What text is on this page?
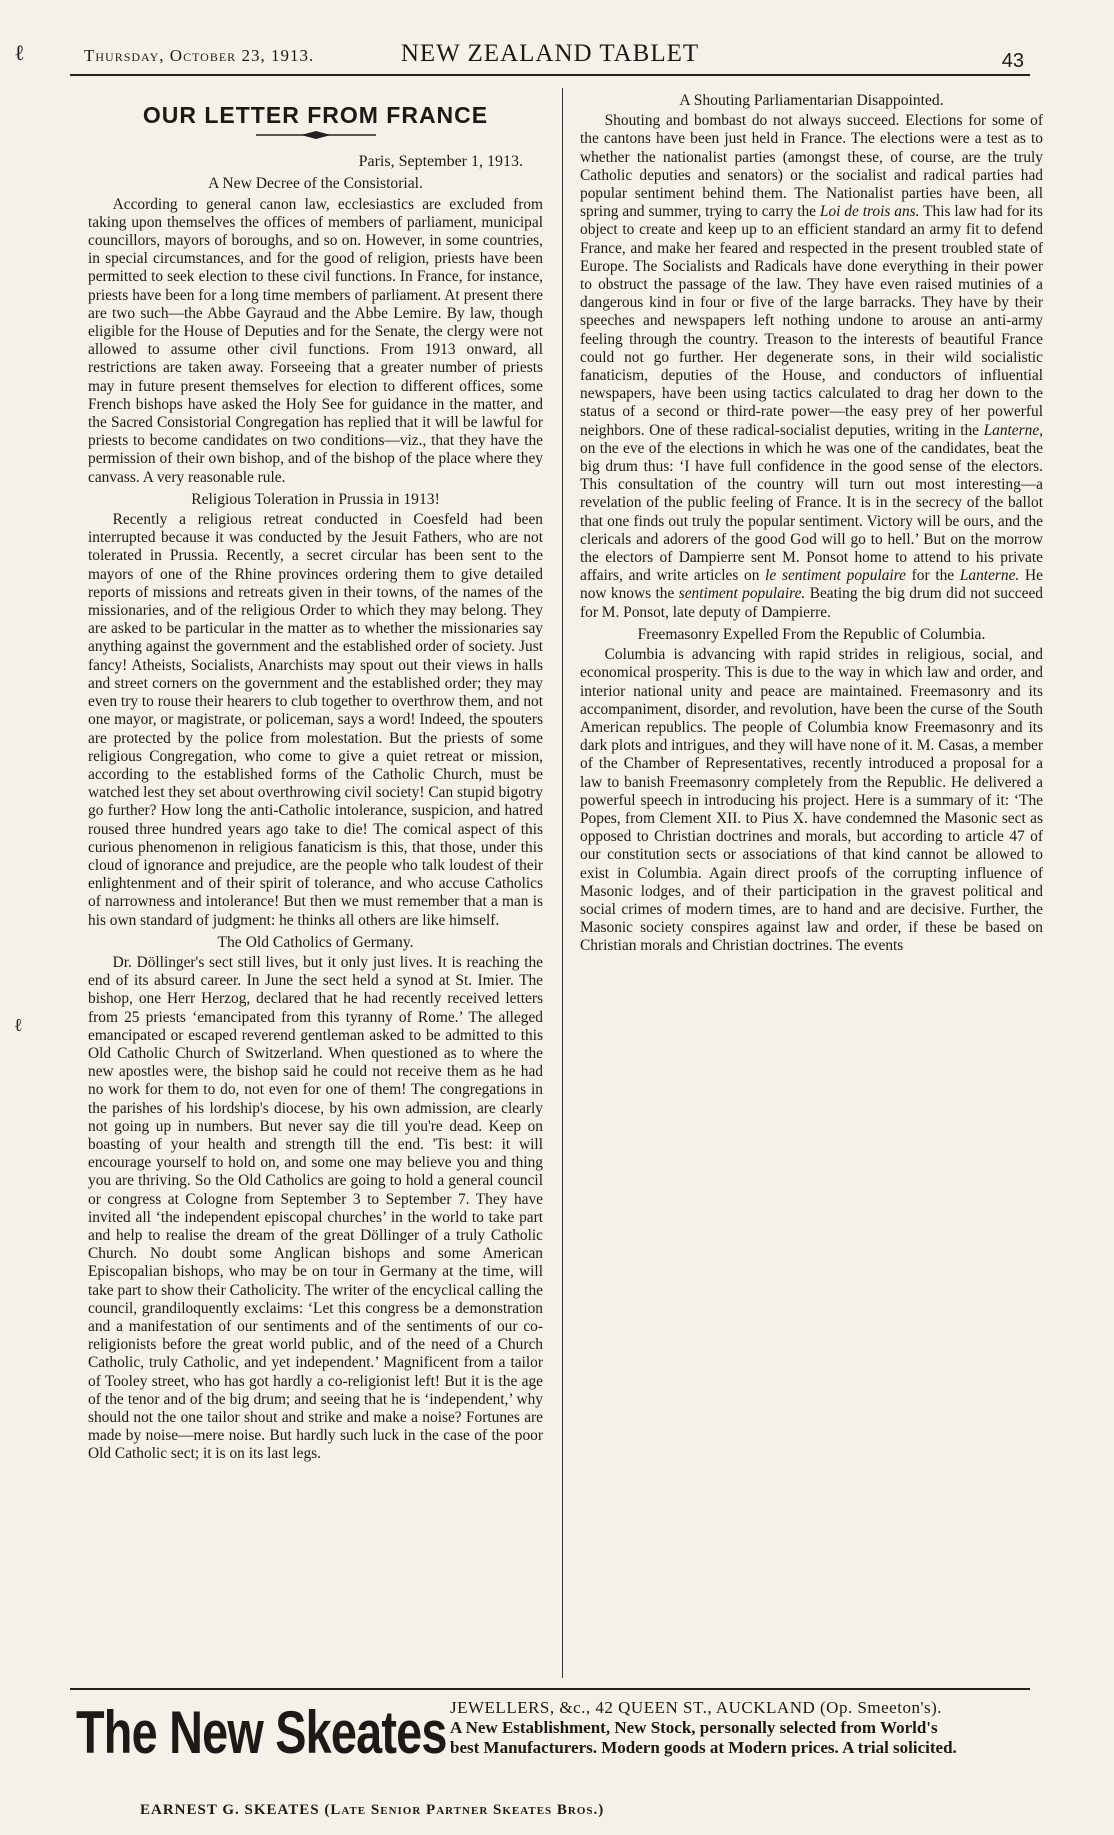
ℓ
ℓ
Thursday, October 23, 1913.	NEW ZEALAND TABLET	43
OUR LETTER FROM FRANCE
Paris, September 1, 1913.
A New Decree of the Consistorial.

According to general canon law, ecclesiastics are excluded from taking upon themselves the offices of members of parliament, municipal councillors, mayors of boroughs, and so on. However, in some countries, in special circumstances, and for the good of religion, priests have been permitted to seek election to these civil functions. In France, for instance, priests have been for a long time members of parliament. At present there are two such—the Abbe Gayraud and the Abbe Lemire. By law, though eligible for the House of Deputies and for the Senate, the clergy were not allowed to assume other civil functions. From 1913 onward, all restrictions are taken away. Forseeing that a greater number of priests may in future present themselves for election to different offices, some French bishops have asked the Holy See for guidance in the matter, and the Sacred Consistorial Congregation has replied that it will be lawful for priests to become candidates on two conditions—viz., that they have the permission of their own bishop, and of the bishop of the place where they canvass. A very reasonable rule.

Religious Toleration in Prussia in 1913!

Recently a religious retreat conducted in Coesfeld had been interrupted because it was conducted by the Jesuit Fathers, who are not tolerated in Prussia. Recently, a secret circular has been sent to the mayors of one of the Rhine provinces ordering them to give detailed reports of missions and retreats given in their towns, of the names of the missionaries, and of the religious Order to which they may belong. They are asked to be particular in the matter as to whether the missionaries say anything against the government and the established order of society. Just fancy! Atheists, Socialists, Anarchists may spout out their views in halls and street corners on the government and the established order; they may even try to rouse their hearers to club together to overthrow them, and not one mayor, or magistrate, or policeman, says a word! Indeed, the spouters are protected by the police from molestation. But the priests of some religious Congregation, who come to give a quiet retreat or mission, according to the established forms of the Catholic Church, must be watched lest they set about overthrowing civil society! Can stupid bigotry go further? How long the anti-Catholic intolerance, suspicion, and hatred roused three hundred years ago take to die! The comical aspect of this curious phenomenon in religious fanaticism is this, that those, under this cloud of ignorance and prejudice, are the people who talk loudest of their enlightenment and of their spirit of tolerance, and who accuse Catholics of narrowness and intolerance! But then we must remember that a man is his own standard of judgment: he thinks all others are like himself.

The Old Catholics of Germany.

Dr. Döllinger's sect still lives, but it only just lives. It is reaching the end of its absurd career. In June the sect held a synod at St. Imier. The bishop, one Herr Herzog, declared that he had recently received letters from 25 priests ‘emancipated from this tyranny of Rome.’ The alleged emancipated or escaped reverend gentleman asked to be admitted to this Old Catholic Church of Switzerland. When questioned as to where the new apostles were, the bishop said he could not receive them as he had no work for them to do, not even for one of them! The congregations in the parishes of his lordship's diocese, by his own admission, are clearly not going up in numbers. But never say die till you're dead. Keep on boasting of your health and strength till the end. 'Tis best: it will encourage yourself to hold on, and some one may believe you and thing you are thriving. So the Old Catholics are going to hold a general council or congress at Cologne from September 3 to September 7. They have invited all ‘the independent episcopal churches’ in the world to take part and help to realise the dream of the great Döllinger of a truly Catholic Church. No doubt some Anglican bishops and some American Episcopalian bishops, who may be on tour in Germany at the time, will take part to show their Catholicity. The writer of the encyclical calling the council, grandiloquently exclaims: ‘Let this congress be a demonstration and a manifestation of our sentiments and of the sentiments of our co-religionists before the great world public, and of the need of a Church Catholic, truly Catholic, and yet independent.’ Magnificent from a tailor of Tooley street, who has got hardly a co-religionist left! But it is the age of the tenor and of the big drum; and seeing that he is ‘independent,’ why should not the one tailor shout and strike and make a noise? Fortunes are made by noise—mere noise. But hardly such luck in the case of the poor Old Catholic sect; it is on its last legs.

A Shouting Parliamentarian Disappointed.

Shouting and bombast do not always succeed. Elections for some of the cantons have been just held in France. The elections were a test as to whether the nationalist parties (amongst these, of course, are the truly Catholic deputies and senators) or the socialist and radical parties had popular sentiment behind them. The Nationalist parties have been, all spring and summer, trying to carry the Loi de trois ans. This law had for its object to create and keep up to an efficient standard an army fit to defend France, and make her feared and respected in the present troubled state of Europe. The Socialists and Radicals have done everything in their power to obstruct the passage of the law. They have even raised mutinies of a dangerous kind in four or five of the large barracks. They have by their speeches and newspapers left nothing undone to arouse an anti-army feeling through the country. Treason to the interests of beautiful France could not go further. Her degenerate sons, in their wild socialistic fanaticism, deputies of the House, and conductors of influential newspapers, have been using tactics calculated to drag her down to the status of a second or third-rate power—the easy prey of her powerful neighbors. One of these radical-socialist deputies, writing in the Lanterne, on the eve of the elections in which he was one of the candidates, beat the big drum thus: ‘I have full confidence in the good sense of the electors. This consultation of the country will turn out most interesting—a revelation of the public feeling of France. It is in the secrecy of the ballot that one finds out truly the popular sentiment. Victory will be ours, and the clericals and adorers of the good God will go to hell.’ But on the morrow the electors of Dampierre sent M. Ponsot home to attend to his private affairs, and write articles on le sentiment populaire for the Lanterne. He now knows the sentiment populaire. Beating the big drum did not succeed for M. Ponsot, late deputy of Dampierre.

Freemasonry Expelled From the Republic of Columbia.

Columbia is advancing with rapid strides in religious, social, and economical prosperity. This is due to the way in which law and order, and interior national unity and peace are maintained. Freemasonry and its accompaniment, disorder, and revolution, have been the curse of the South American republics. The people of Columbia know Freemasonry and its dark plots and intrigues, and they will have none of it. M. Casas, a member of the Chamber of Representatives, recently introduced a proposal for a law to banish Freemasonry completely from the Republic. He delivered a powerful speech in introducing his project. Here is a summary of it: ‘The Popes, from Clement XII. to Pius X. have condemned the Masonic sect as opposed to Christian doctrines and morals, but according to article 47 of our constitution sects or associations of that kind cannot be allowed to exist in Columbia. Again direct proofs of the corrupting influence of Masonic lodges, and of their participation in the gravest political and social crimes of modern times, are to hand and are decisive. Further, the Masonic society conspires against law and order, if these be based on Christian morals and Christian doctrines. The events

The New Skeates JEWELLERS, &c., 42 QUEEN ST., AUCKLAND (Op. Smeeton's).
A New Establishment, New Stock, personally selected from World's
best Manufacturers. Modern goods at Modern prices. A trial solicited.
EARNEST G. SKEATES (Late Senior Partner Skeates Bros.)
